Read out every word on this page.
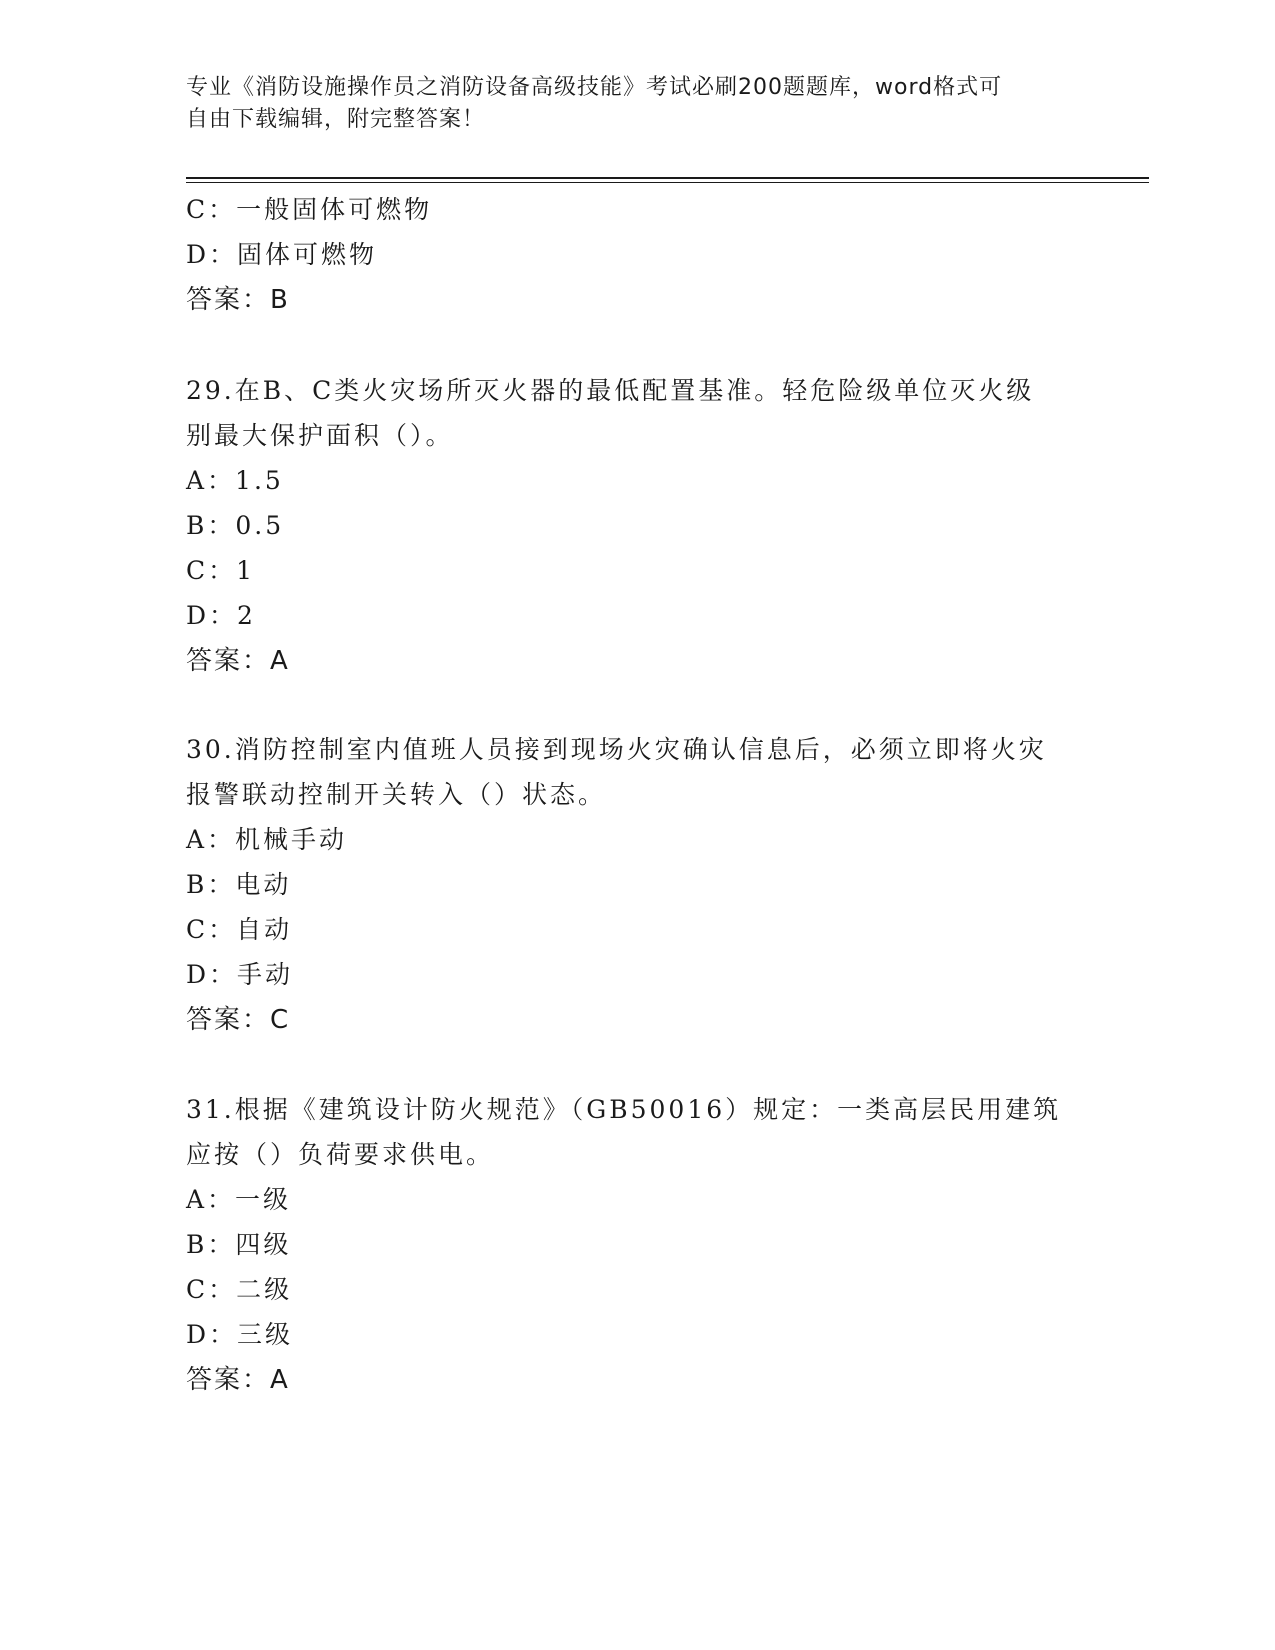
专业《消防设施操作员之消防设备高级技能》考试必刷200题题库，word格式可
自由下载编辑，附完整答案！
C：一般固体可燃物
D：固体可燃物
答案：B
29.在B、C类火灾场所灭火器的最低配置基准。轻危险级单位灭火级
别最大保护面积（）。
A：1.5
B：0.5
C：1
D：2
答案：A
30.消防控制室内值班人员接到现场火灾确认信息后，必须立即将火灾
报警联动控制开关转入（）状态。
A：机械手动
B：电动
C：自动
D：手动
答案：C
31.根据《建筑设计防火规范》（GB50016）规定：一类高层民用建筑
应按（）负荷要求供电。
A：一级
B：四级
C：二级
D：三级
答案：A
